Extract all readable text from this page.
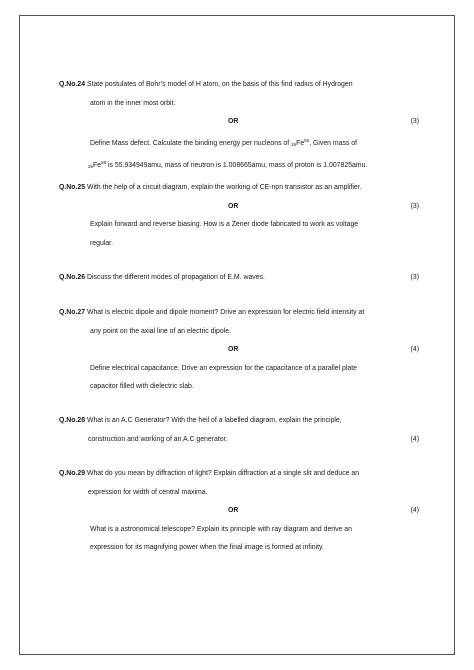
Q.No.24 State postulates of Bohr’s model of H atom, on the basis of this find radius of Hydrogen
atom in the inner most orbit.
OR	(3)
Define Mass defect. Calculate the binding energy per nucleons of $_{26}Fe^{56}$, Given mass of
$_{26}Fe^{56}$ is 55.934949amu, mass of neutron is 1.008665amu, mass of proton is 1.007825amu.
Q.No.25 With the help of a circuit diagram, explain the working of CE-npn transistor as an amplifier.
OR	(3)
Explain forward and reverse biasing. How is a Zener diode fabricated to work as voltage
regular.
Q.No.26 Discuss the different modes of propagation of E.M. waves.	(3)
Q.No.27 What is electric dipole and dipole moment? Drive an expression for electric field intensity at
any point on the axial line of an electric dipole.
OR	(4)
Define electrical capacitance. Drive an expression for the capacitance of a parallel plate
capacitor filled with dielectric slab.
Q.No.28 What is an A.C Generator? With the heil of a labelled diagram, explain the principle,
construction and working of an A.C generator.	(4)
Q.No.29 What do you mean by diffraction of light? Explain diffraction at a single slit and deduce an
expression for width of central maxima.
OR	(4)
What is a astronomical telescope? Explain its principle with ray diagram and derive an
expression for its magnifying power when the final image is formed at infinity.
